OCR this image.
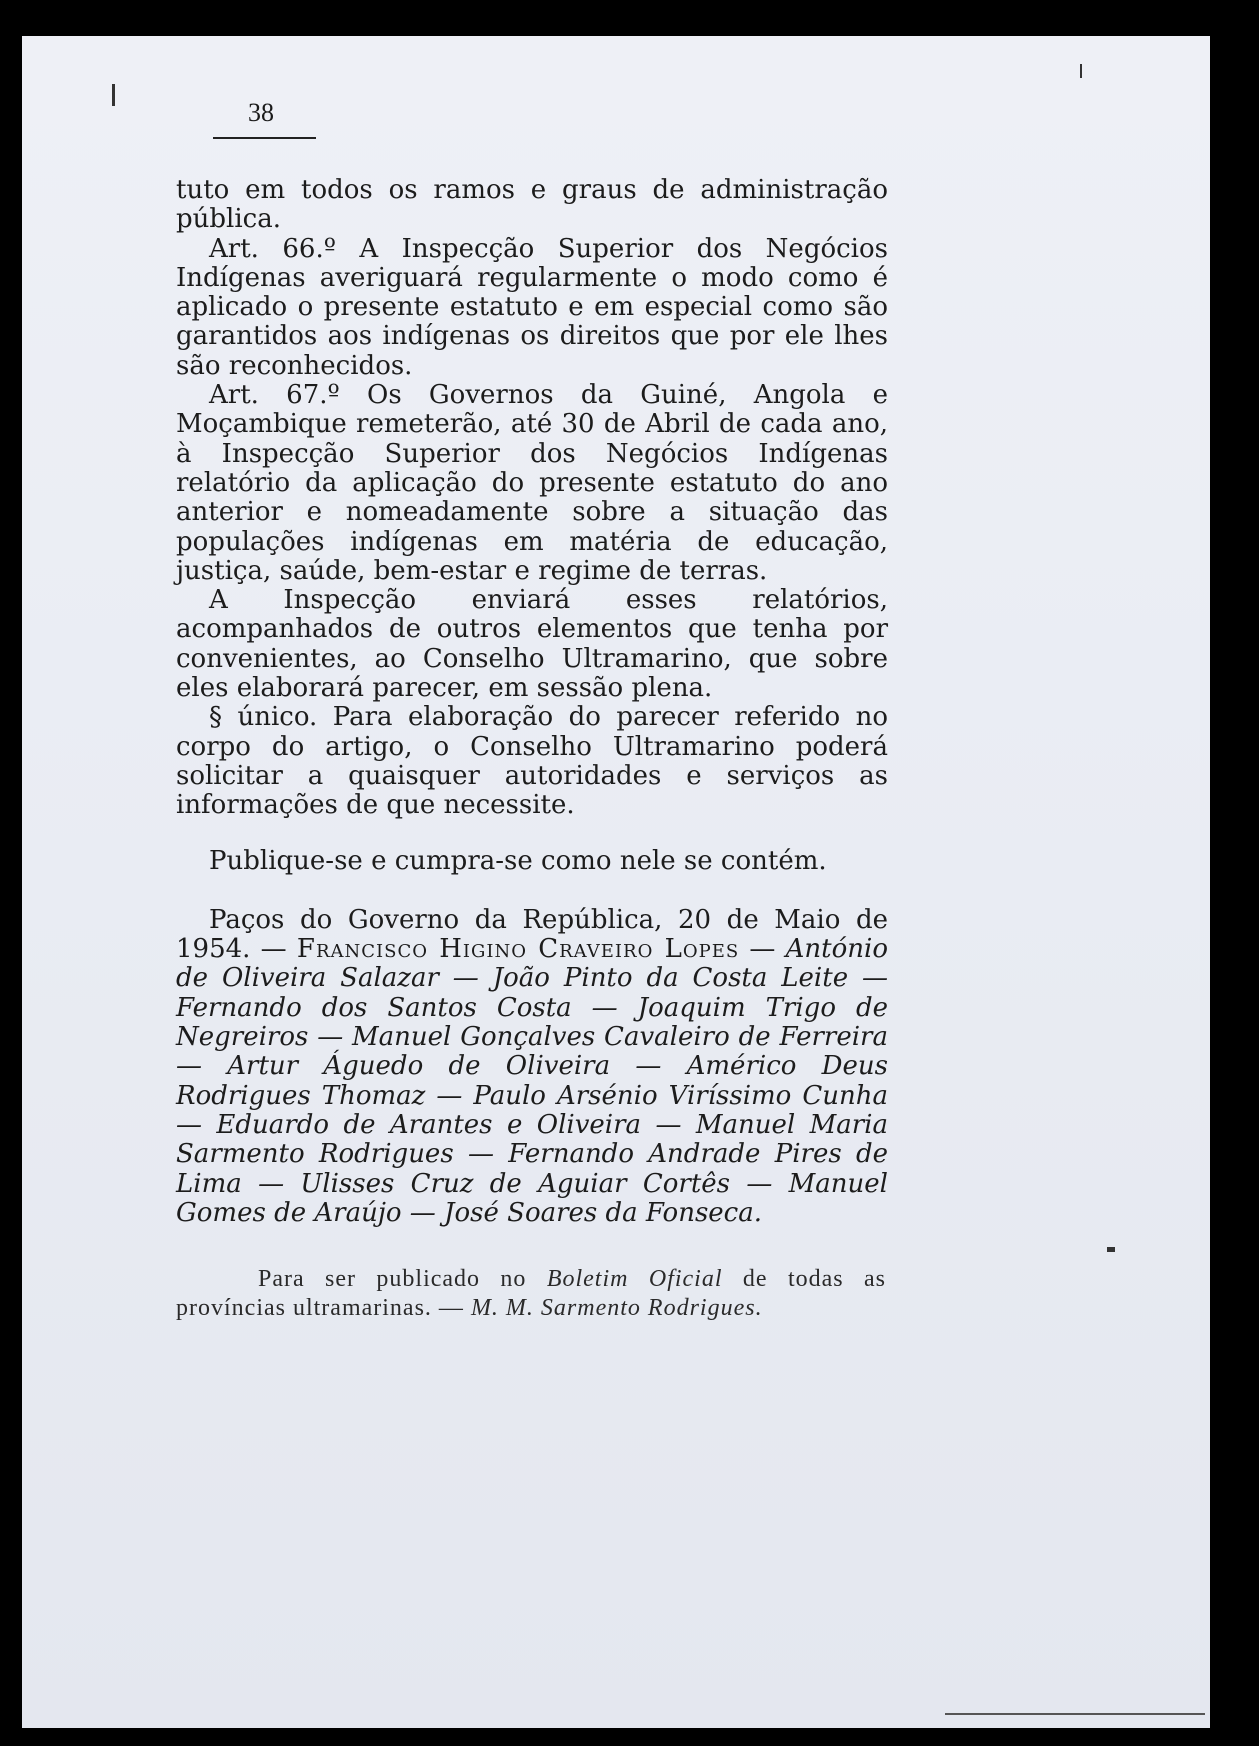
38

tuto em todos os ramos e graus de administração pública.

Art. 66.º A Inspecção Superior dos Negócios Indígenas averiguará regularmente o modo como é aplicado o presente estatuto e em especial como são garantidos aos indígenas os direitos que por ele lhes são reconhecidos.

Art. 67.º Os Governos da Guiné, Angola e Moçambique remeterão, até 30 de Abril de cada ano, à Inspecção Superior dos Negócios Indígenas relatório da aplicação do presente estatuto do ano anterior e nomeadamente sobre a situação das populações indígenas em matéria de educação, justiça, saúde, bem-estar e regime de terras.

A Inspecção enviará esses relatórios, acompanhados de outros elementos que tenha por convenientes, ao Conselho Ultramarino, que sobre eles elaborará parecer, em sessão plena.

§ único. Para elaboração do parecer referido no corpo do artigo, o Conselho Ultramarino poderá solicitar a quaisquer autoridades e serviços as informações de que necessite.

Publique-se e cumpra-se como nele se contém.

Paços do Governo da República, 20 de Maio de 1954. — Francisco Higino Craveiro Lopes — António de Oliveira Salazar — João Pinto da Costa Leite — Fernando dos Santos Costa — Joaquim Trigo de Negreiros — Manuel Gonçalves Cavaleiro de Ferreira — Artur Águedo de Oliveira — Américo Deus Rodrigues Thomaz — Paulo Arsénio Viríssimo Cunha — Eduardo de Arantes e Oliveira — Manuel Maria Sarmento Rodrigues — Fernando Andrade Pires de Lima — Ulisses Cruz de Aguiar Cortês — Manuel Gomes de Araújo — José Soares da Fonseca.

Para ser publicado no Boletim Oficial de todas as províncias ultramarinas. — M. M. Sarmento Rodrigues.
